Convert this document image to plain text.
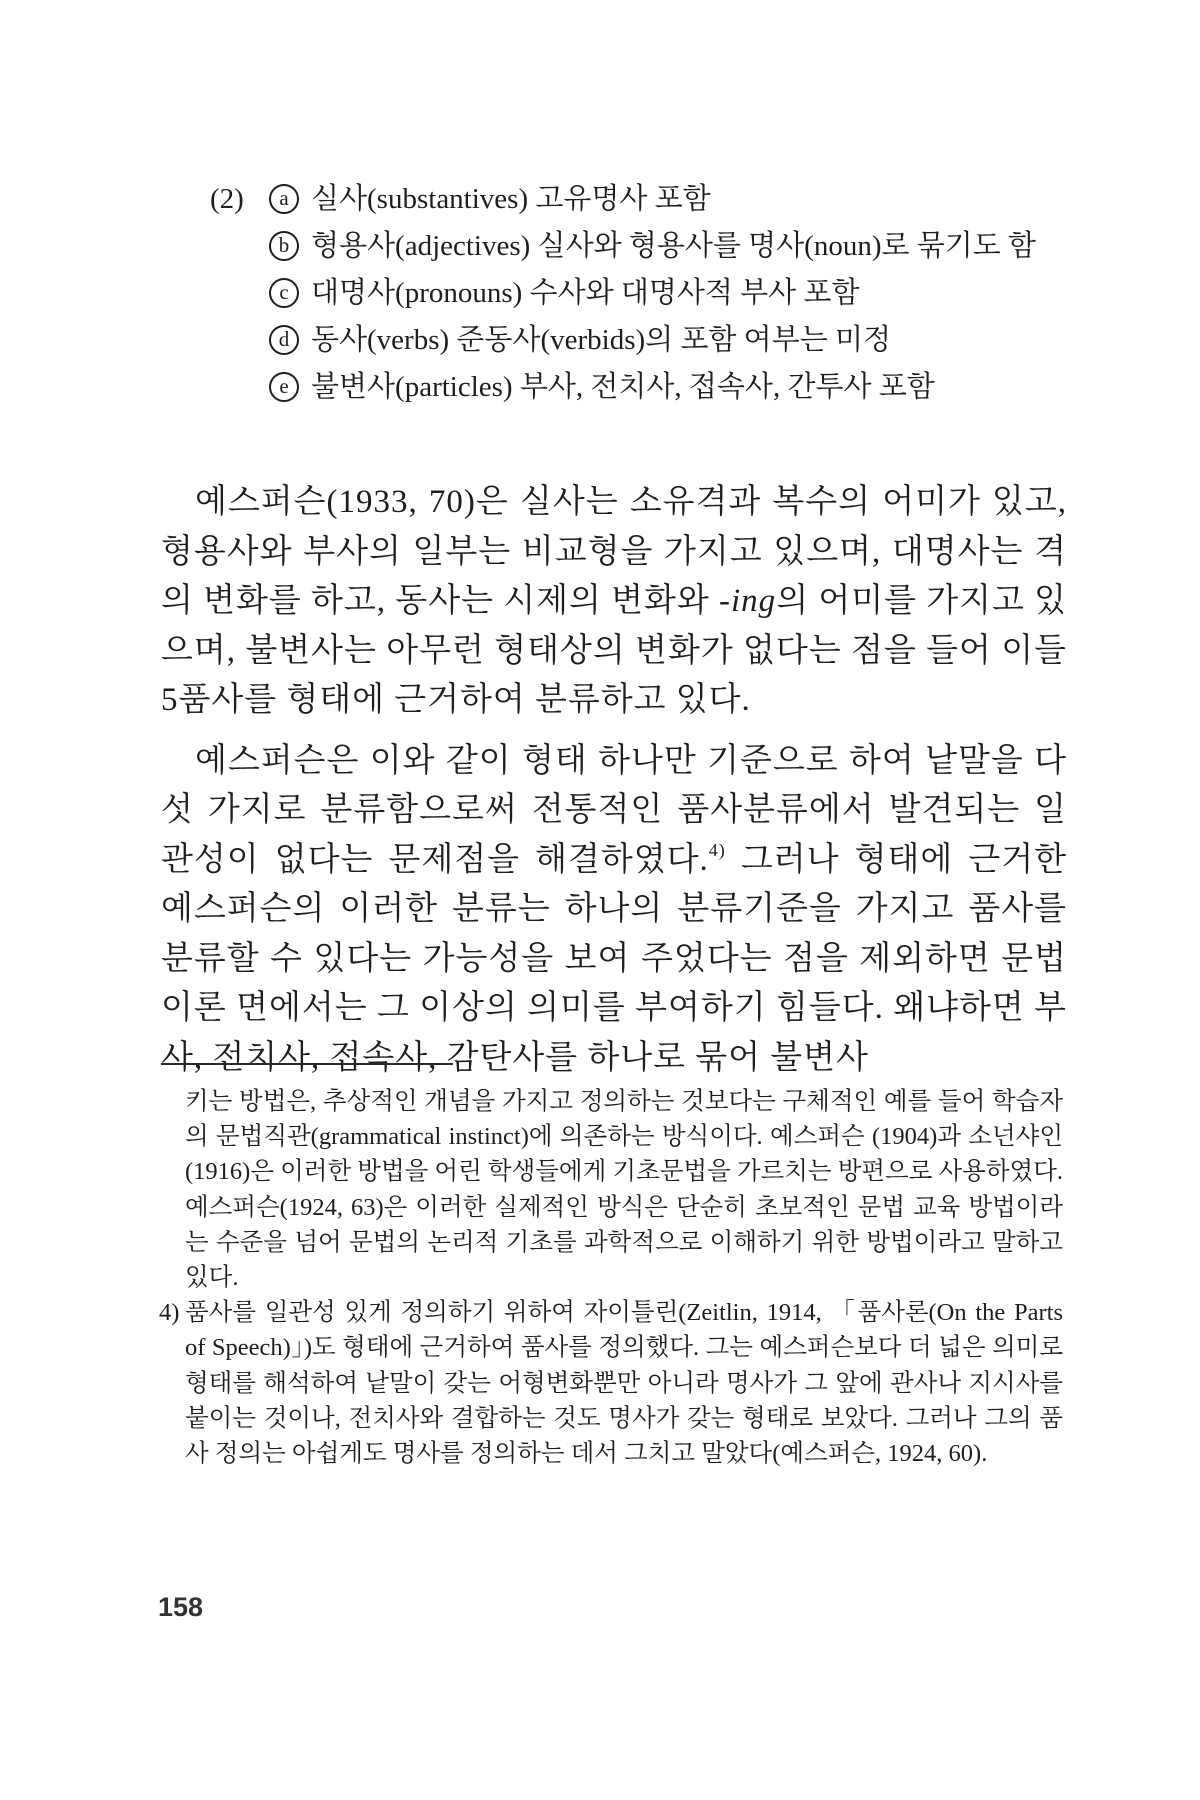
(2)	a 실사(substantives) 고유명사 포함
b 형용사(adjectives) 실사와 형용사를 명사(noun)로 묶기도 함
c 대명사(pronouns) 수사와 대명사적 부사 포함
d 동사(verbs) 준동사(verbids)의 포함 여부는 미정
e 불변사(particles) 부사, 전치사, 접속사, 간투사 포함

예스퍼슨(1933, 70)은 실사는 소유격과 복수의 어미가 있고, 형용사와 부사의 일부는 비교형을 가지고 있으며, 대명사는 격의 변화를 하고, 동사는 시제의 변화와 -ing의 어미를 가지고 있으며, 불변사는 아무런 형태상의 변화가 없다는 점을 들어 이들 5품사를 형태에 근거하여 분류하고 있다.

예스퍼슨은 이와 같이 형태 하나만 기준으로 하여 낱말을 다섯 가지로 분류함으로써 전통적인 품사분류에서 발견되는 일관성이 없다는 문제점을 해결하였다.$^{4)}$ 그러나 형태에 근거한 예스퍼슨의 이러한 분류는 하나의 분류기준을 가지고 품사를 분류할 수 있다는 가능성을 보여 주었다는 점을 제외하면 문법이론 면에서는 그 이상의 의미를 부여하기 힘들다. 왜냐하면 부사, 전치사, 접속사, 감탄사를 하나로 묶어 불변사

키는 방법은, 추상적인 개념을 가지고 정의하는 것보다는 구체적인 예를 들어 학습자의 문법직관(grammatical instinct)에 의존하는 방식이다. 예스퍼슨 (1904)과 소넌샤인(1916)은 이러한 방법을 어린 학생들에게 기초문법을 가르치는 방편으로 사용하였다. 예스퍼슨(1924, 63)은 이러한 실제적인 방식은 단순히 초보적인 문법 교육 방법이라는 수준을 넘어 문법의 논리적 기초를 과학적으로 이해하기 위한 방법이라고 말하고 있다.

4) 품사를 일관성 있게 정의하기 위하여 자이틀린(Zeitlin, 1914, 「품사론(On the Parts of Speech)」)도 형태에 근거하여 품사를 정의했다. 그는 예스퍼슨보다 더 넓은 의미로 형태를 해석하여 낱말이 갖는 어형변화뿐만 아니라 명사가 그 앞에 관사나 지시사를 붙이는 것이나, 전치사와 결합하는 것도 명사가 갖는 형태로 보았다. 그러나 그의 품사 정의는 아쉽게도 명사를 정의하는 데서 그치고 말았다(예스퍼슨, 1924, 60).

158
